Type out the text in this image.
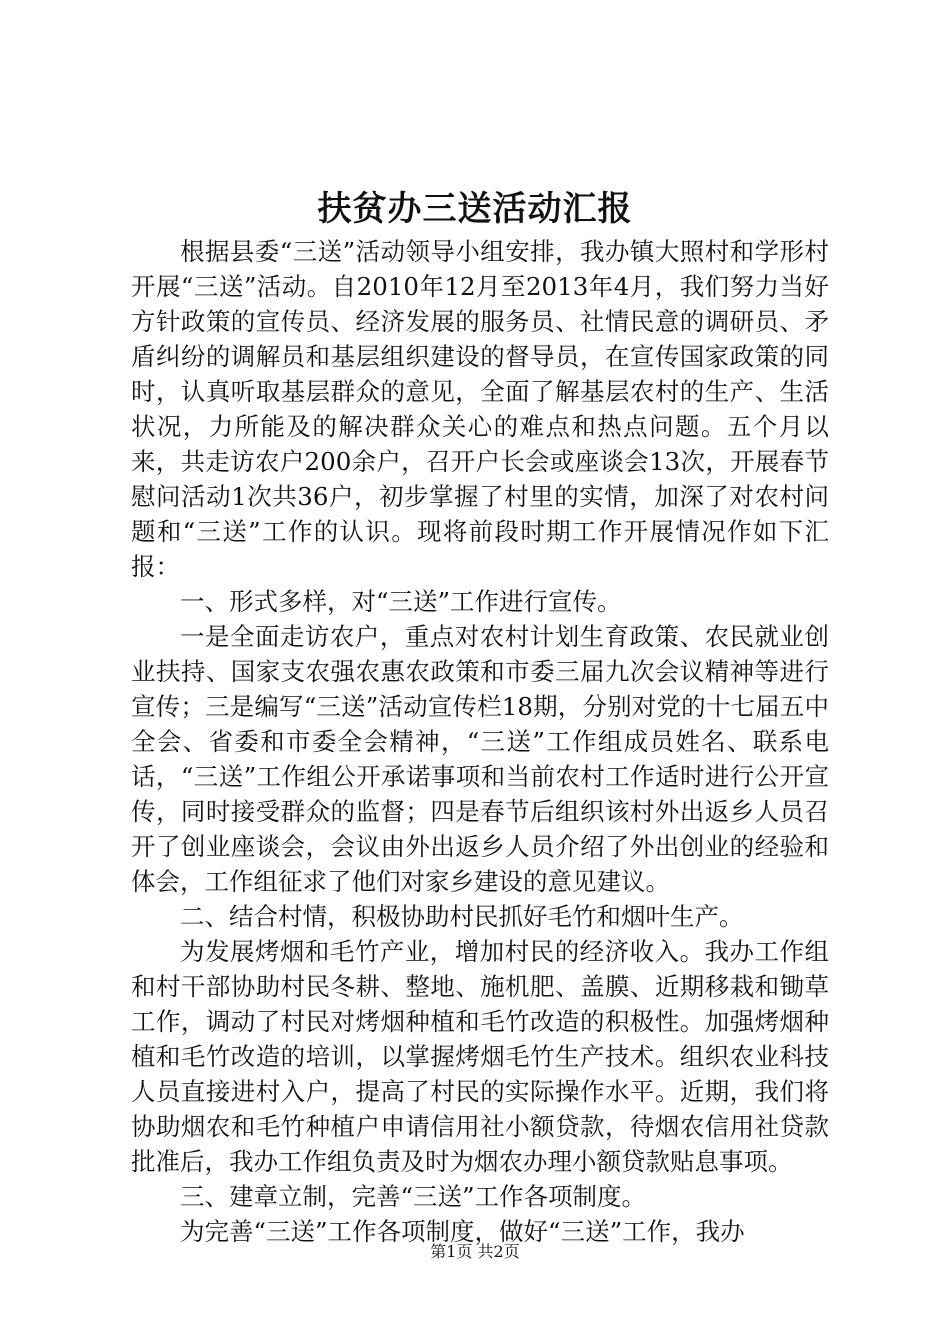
扶贫办三送活动汇报

根据县委“三送”活动领导小组安排，我办镇大照村和学形村开展“三送”活动。自2010年12月至2013年4月，我们努力当好方针政策的宣传员、经济发展的服务员、社情民意的调研员、矛盾纠纷的调解员和基层组织建设的督导员，在宣传国家政策的同时，认真听取基层群众的意见，全面了解基层农村的生产、生活状况，力所能及的解决群众关心的难点和热点问题。五个月以来，共走访农户200余户，召开户长会或座谈会13次，开展春节慰问活动1次共36户，初步掌握了村里的实情，加深了对农村问题和“三送”工作的认识。现将前段时期工作开展情况作如下汇报：

一、形式多样，对“三送”工作进行宣传。

一是全面走访农户，重点对农村计划生育政策、农民就业创业扶持、国家支农强农惠农政策和市委三届九次会议精神等进行宣传；三是编写“三送”活动宣传栏18期，分别对党的十七届五中全会、省委和市委全会精神，“三送”工作组成员姓名、联系电话，“三送”工作组公开承诺事项和当前农村工作适时进行公开宣传，同时接受群众的监督；四是春节后组织该村外出返乡人员召开了创业座谈会，会议由外出返乡人员介绍了外出创业的经验和体会，工作组征求了他们对家乡建设的意见建议。

二、结合村情，积极协助村民抓好毛竹和烟叶生产。

为发展烤烟和毛竹产业，增加村民的经济收入。我办工作组和村干部协助村民冬耕、整地、施机肥、盖膜、近期移栽和锄草工作，调动了村民对烤烟种植和毛竹改造的积极性。加强烤烟种植和毛竹改造的培训，以掌握烤烟毛竹生产技术。组织农业科技人员直接进村入户，提高了村民的实际操作水平。近期，我们将协助烟农和毛竹种植户申请信用社小额贷款，待烟农信用社贷款批准后，我办工作组负责及时为烟农办理小额贷款贴息事项。

三、建章立制，完善“三送”工作各项制度。

为完善“三送”工作各项制度，做好“三送”工作，我办

第1页 共2页
